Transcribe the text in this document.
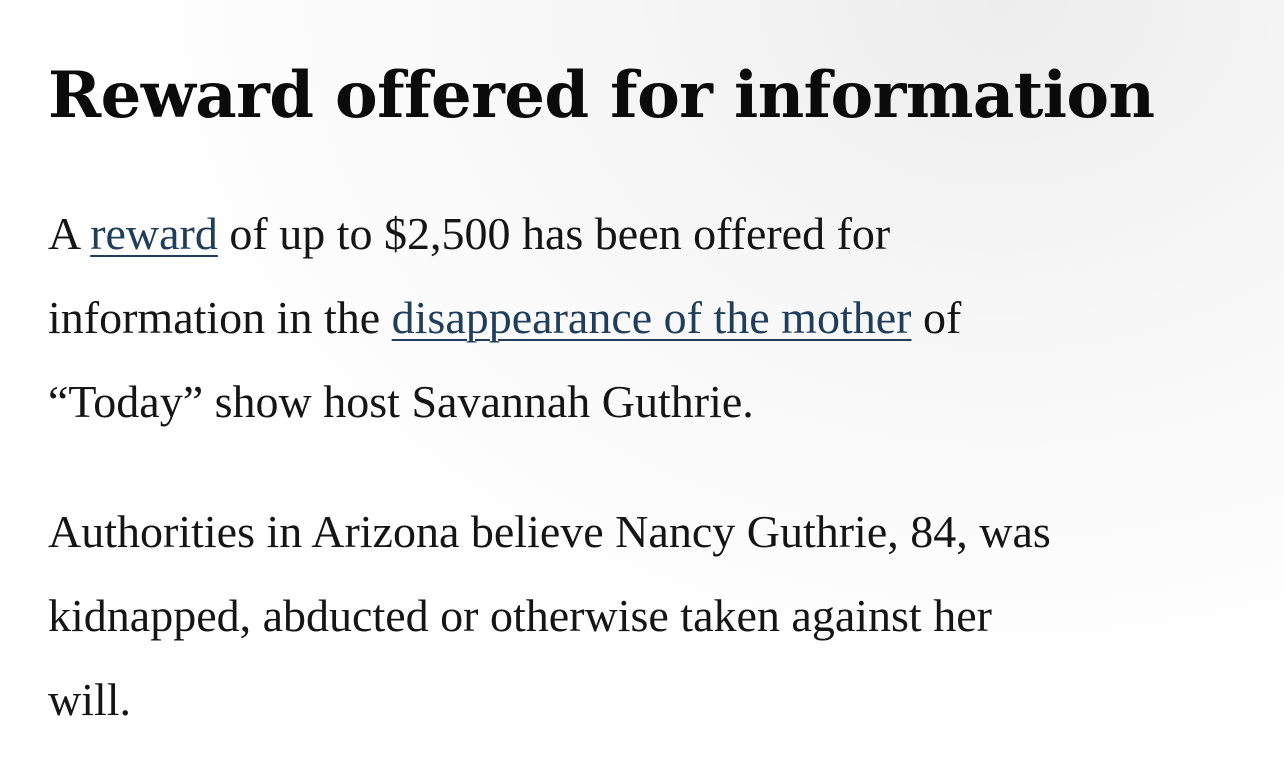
Reward offered for information

A reward of up to $2,500 has been offered for
information in the disappearance of the mother of
“Today” show host Savannah Guthrie.

Authorities in Arizona believe Nancy Guthrie, 84, was
kidnapped, abducted or otherwise taken against her
will.
